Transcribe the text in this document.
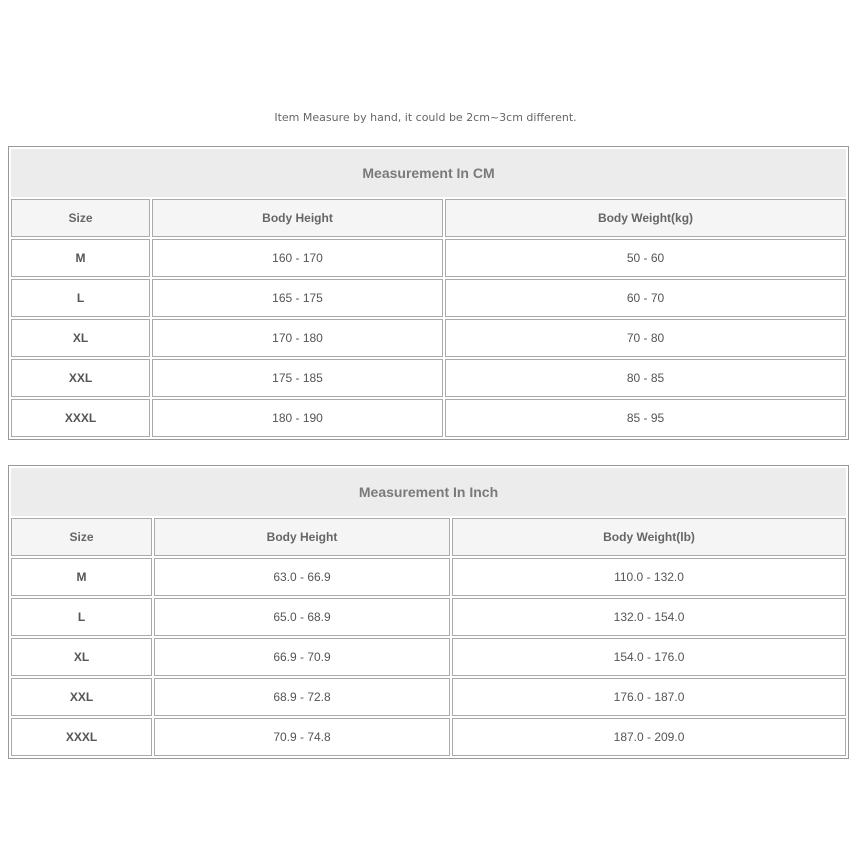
Item Measure by hand, it could be 2cm~3cm different.
Measurement In CM		
Size	Body Height	Body Weight(kg)
M	160 - 170	50 - 60
L	165 - 175	60 - 70
XL	170 - 180	70 - 80
XXL	175 - 185	80 - 85
XXXL	180 - 190	85 - 95
Measurement In Inch		
Size	Body Height	Body Weight(lb)
M	63.0 - 66.9	110.0 - 132.0
L	65.0 - 68.9	132.0 - 154.0
XL	66.9 - 70.9	154.0 - 176.0
XXL	68.9 - 72.8	176.0 - 187.0
XXXL	70.9 - 74.8	187.0 - 209.0
